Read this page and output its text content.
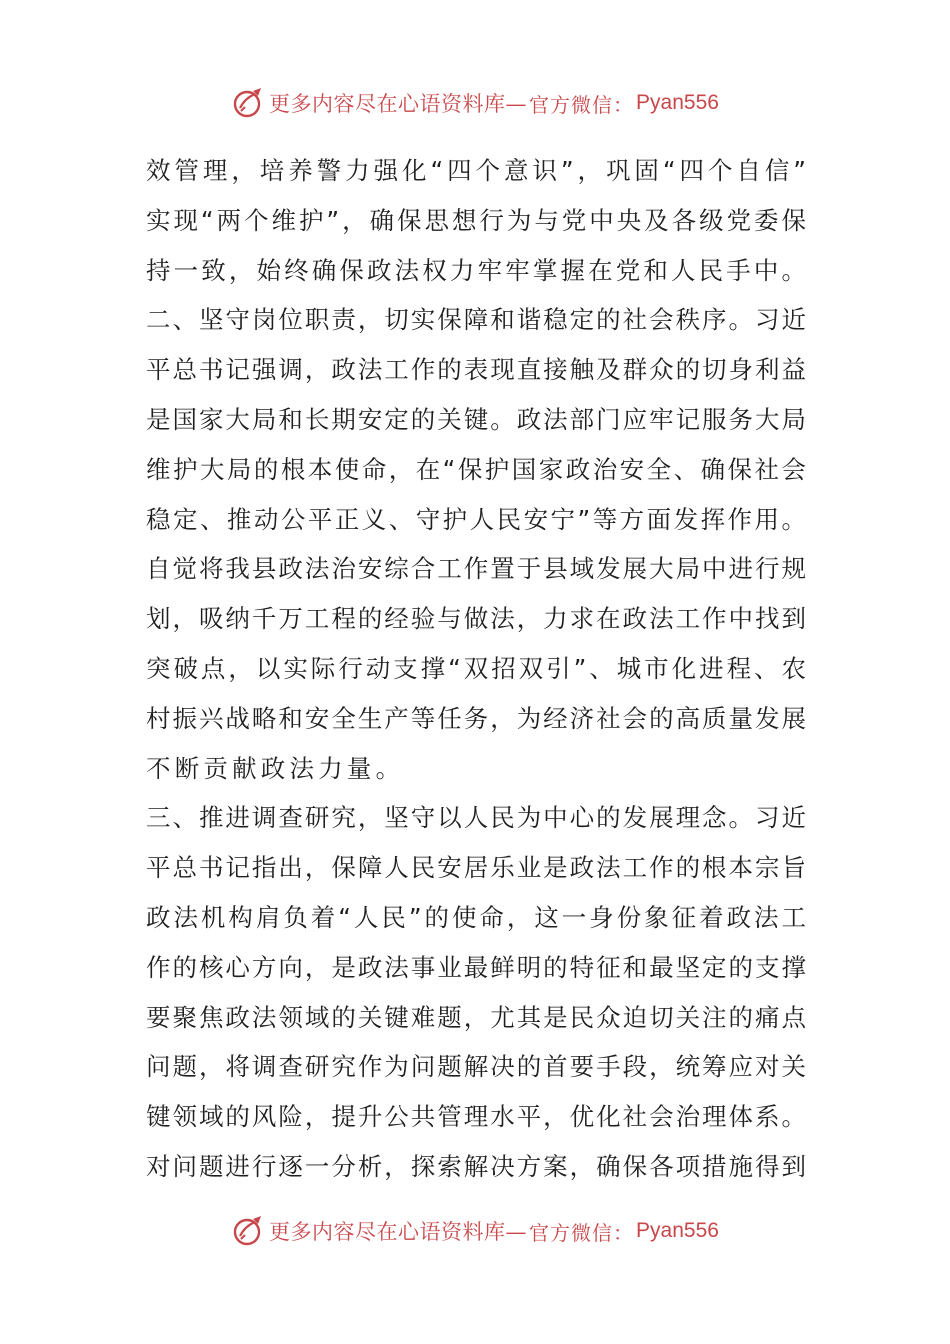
更多内容尽在心语资料库— 官方微信： Pyan556
效管理，培养警力强化“四个意识”，巩固“四个自信”
实现“两个维护”，确保思想行为与党中央及各级党委保
持一致，始终确保政法权力牢牢掌握在党和人民手中。
二、坚守岗位职责，切实保障和谐稳定的社会秩序。习近
平总书记强调，政法工作的表现直接触及群众的切身利益
是国家大局和长期安定的关键。政法部门应牢记服务大局
维护大局的根本使命，在“保护国家政治安全、确保社会
稳定、推动公平正义、守护人民安宁”等方面发挥作用。
自觉将我县政法治安综合工作置于县域发展大局中进行规
划，吸纳千万工程的经验与做法，力求在政法工作中找到
突破点，以实际行动支撑“双招双引”、城市化进程、农
村振兴战略和安全生产等任务，为经济社会的高质量发展
不断贡献政法力量。
三、推进调查研究，坚守以人民为中心的发展理念。习近
平总书记指出，保障人民安居乐业是政法工作的根本宗旨
政法机构肩负着“人民”的使命，这一身份象征着政法工
作的核心方向，是政法事业最鲜明的特征和最坚定的支撑
要聚焦政法领域的关键难题，尤其是民众迫切关注的痛点
问题，将调查研究作为问题解决的首要手段，统筹应对关
键领域的风险，提升公共管理水平，优化社会治理体系。
对问题进行逐一分析，探索解决方案，确保各项措施得到
更多内容尽在心语资料库— 官方微信： Pyan556
